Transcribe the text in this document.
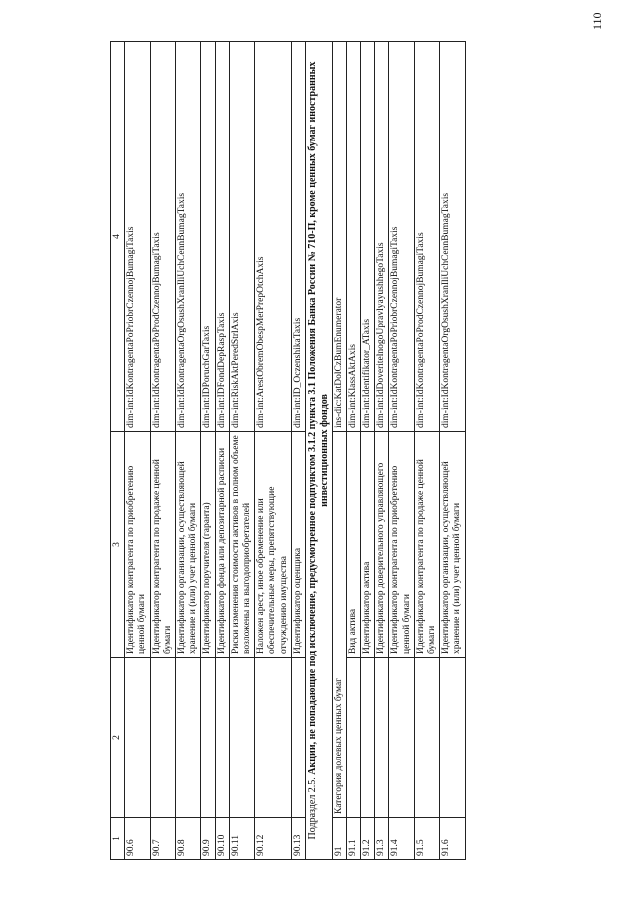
1	2	3	4
90.6		Идентификатор контрагента по приобретению ценной бумаги	dim-int:IdKontragentaPoPriobrCzennojBumagiTaxis
90.7		Идентификатор контрагента по продаже ценной бумаги	dim-int:IdKontragentaPoProdCzennojBumagiTaxis
90.8		Идентификатор организации, осуществляющей хранение и (или) учет ценной бумаги	dim-int:IdKontragentaOrgOsushXranIliUchCennBumagTaxis
90.9		Идентификатор поручителя (гаранта)	dim-int:IDPoruchGarTaxis
90.10		Идентификатор фонда или депозитарной расписки	dim-int:IDFondDepRaspTaxis
90.11		Риски изменения стоимости активов в полном объеме возложены на выгодоприобретателей	dim-int:RiskAktPeredStrlAxis
90.12		Наложен арест, иное обременение или обеспечительные меры, препятствующие отчуждению имущества	dim-int:ArestObremObespMerPrepOtchAxis
90.13		Идентификатор оценщика	dim-int:ID_OczenshikaTaxis
Подраздел 2.5. Акции, не попадающие под исключение, предусмотренное подпунктом 3.1.2 пункта 3.1 Положения Банка России № 710-П, кроме ценных бумаг иностранных инвестиционных фондов			
91	Категория долевых ценных бумаг		ins-dic:KatDolCzBumEnumerator
91.1		Вид актива	dim-int:KlassAktAxis
91.2		Идентификатор актива	dim-int:Identifikator_ATaxis
91.3		Идентификатор доверительного управляющего	dim-int:IdDoveritelnogoUpravlyayushhegoTaxis
91.4		Идентификатор контрагента по приобретению ценной бумаги	dim-int:IdKontragentaPoPriobrCzennojBumagiTaxis
91.5		Идентификатор контрагента по продаже ценной бумаги	dim-int:IdKontragentaPoProdCzennojBumagiTaxis
91.6		Идентификатор организации, осуществляющей хранение и (или) учет ценной бумаги	dim-int:IdKontragentaOrgOsushXranIliUchCennBumagTaxis
110
